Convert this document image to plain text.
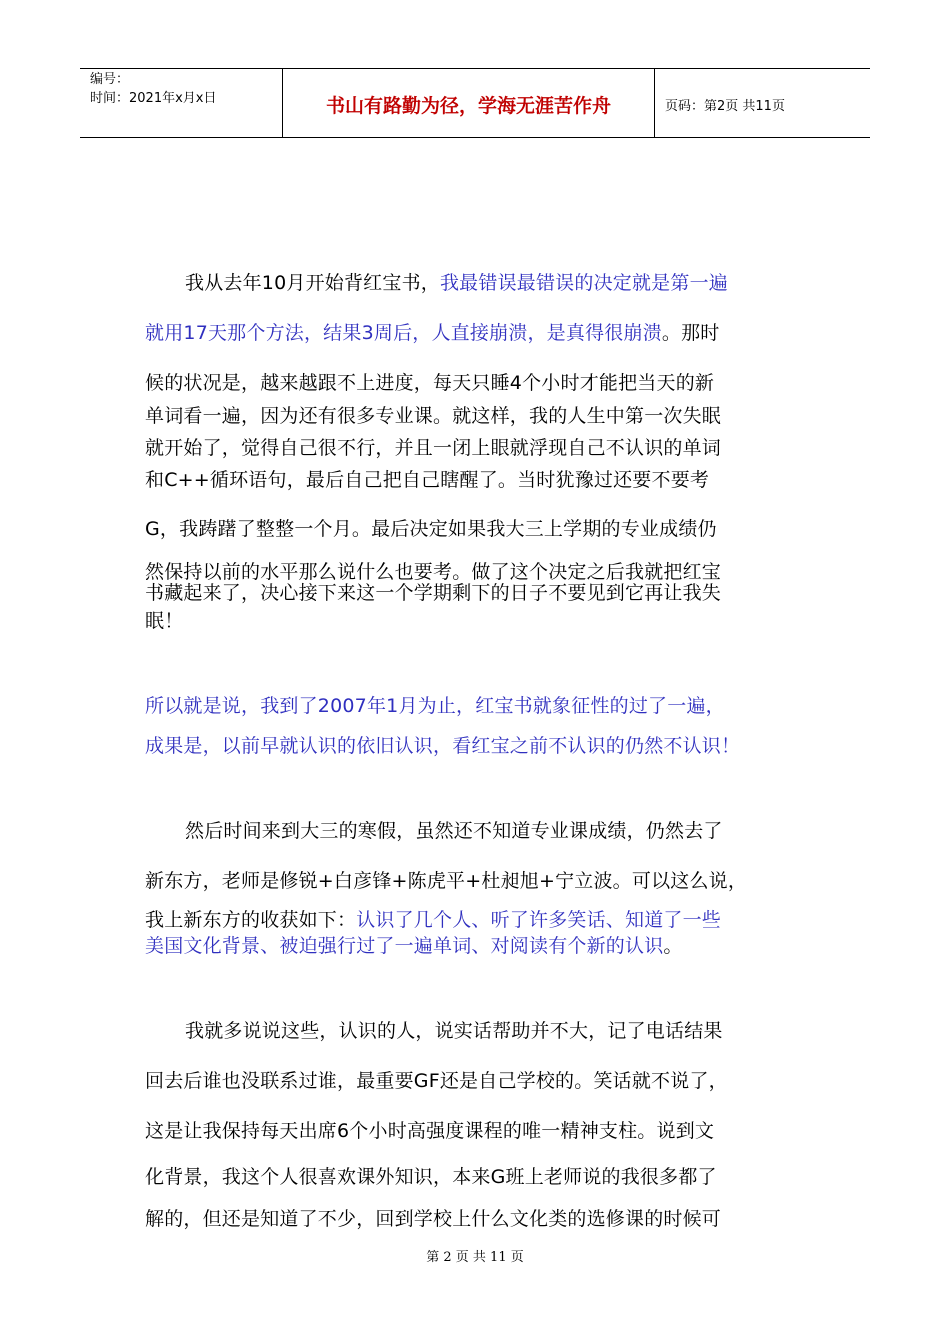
编号：
时间：2021年x月x日	书山有路勤为径，学海无涯苦作舟	页码：第2页 共11页
我从去年10月开始背红宝书，我最错误最错误的决定就是第一遍
就用17天那个方法，结果3周后，人直接崩溃，是真得很崩溃。那时
候的状况是，越来越跟不上进度，每天只睡4个小时才能把当天的新
单词看一遍，因为还有很多专业课。就这样，我的人生中第一次失眠
就开始了，觉得自己很不行，并且一闭上眼就浮现自己不认识的单词
和C++循环语句，最后自己把自己瞎醒了。当时犹豫过还要不要考
G，我踌躇了整整一个月。最后决定如果我大三上学期的专业成绩仍
然保持以前的水平那么说什么也要考。做了这个决定之后我就把红宝
书藏起来了，决心接下来这一个学期剩下的日子不要见到它再让我失
眠！
所以就是说，我到了2007年1月为止，红宝书就象征性的过了一遍，
成果是，以前早就认识的依旧认识，看红宝之前不认识的仍然不认识！
然后时间来到大三的寒假，虽然还不知道专业课成绩，仍然去了
新东方，老师是修锐+白彦锋+陈虎平+杜昶旭+宁立波。可以这么说，
我上新东方的收获如下：认识了几个人、听了许多笑话、知道了一些
美国文化背景、被迫强行过了一遍单词、对阅读有个新的认识。
我就多说说这些，认识的人，说实话帮助并不大，记了电话结果
回去后谁也没联系过谁，最重要GF还是自己学校的。笑话就不说了，
这是让我保持每天出席6个小时高强度课程的唯一精神支柱。说到文
化背景，我这个人很喜欢课外知识，本来G班上老师说的我很多都了
解的，但还是知道了不少，回到学校上什么文化类的选修课的时候可
第 2 页 共 11 页
